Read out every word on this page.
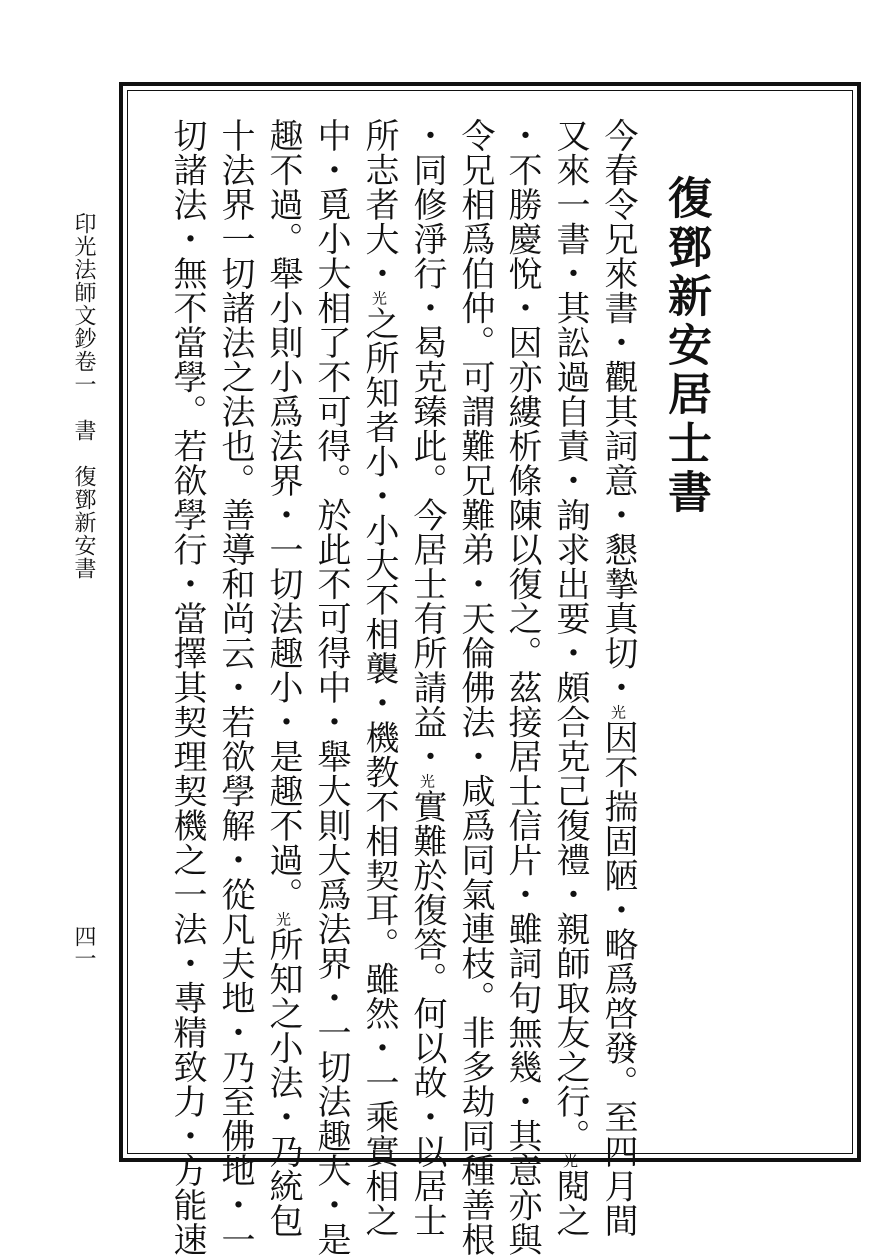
印光法師文鈔卷一　書　復鄧新安書
四一
復鄧新安居士書
今春令兄來書・觀其詞意・懇摯真切・$^光$因不揣固陋・略爲啓發。至四月間
又來一書・其訟過自責・詢求出要・頗合克己復禮・親師取友之行。$^光$閱之
・不勝慶悅・因亦縷析條陳以復之。茲接居士信片・雖詞句無幾・其意亦與
令兄相爲伯仲。可謂難兄難弟・天倫佛法・咸爲同氣連枝。非多劫同種善根
・同修淨行・曷克臻此。今居士有所請益・$^光$實難於復答。何以故・以居士
所志者大・$^光$之所知者小・小大不相襲・機教不相契耳。雖然・一乘實相之
中・覓小大相了不可得。於此不可得中・舉大則大爲法界・一切法趣大・是
趣不過。舉小則小爲法界・一切法趣小・是趣不過。$^光$所知之小法・乃統包
十法界一切諸法之法也。善導和尚云・若欲學解・從凡夫地・乃至佛地・一
切諸法・無不當學。若欲學行・當擇其契理契機之一法・專精致力・方能速
